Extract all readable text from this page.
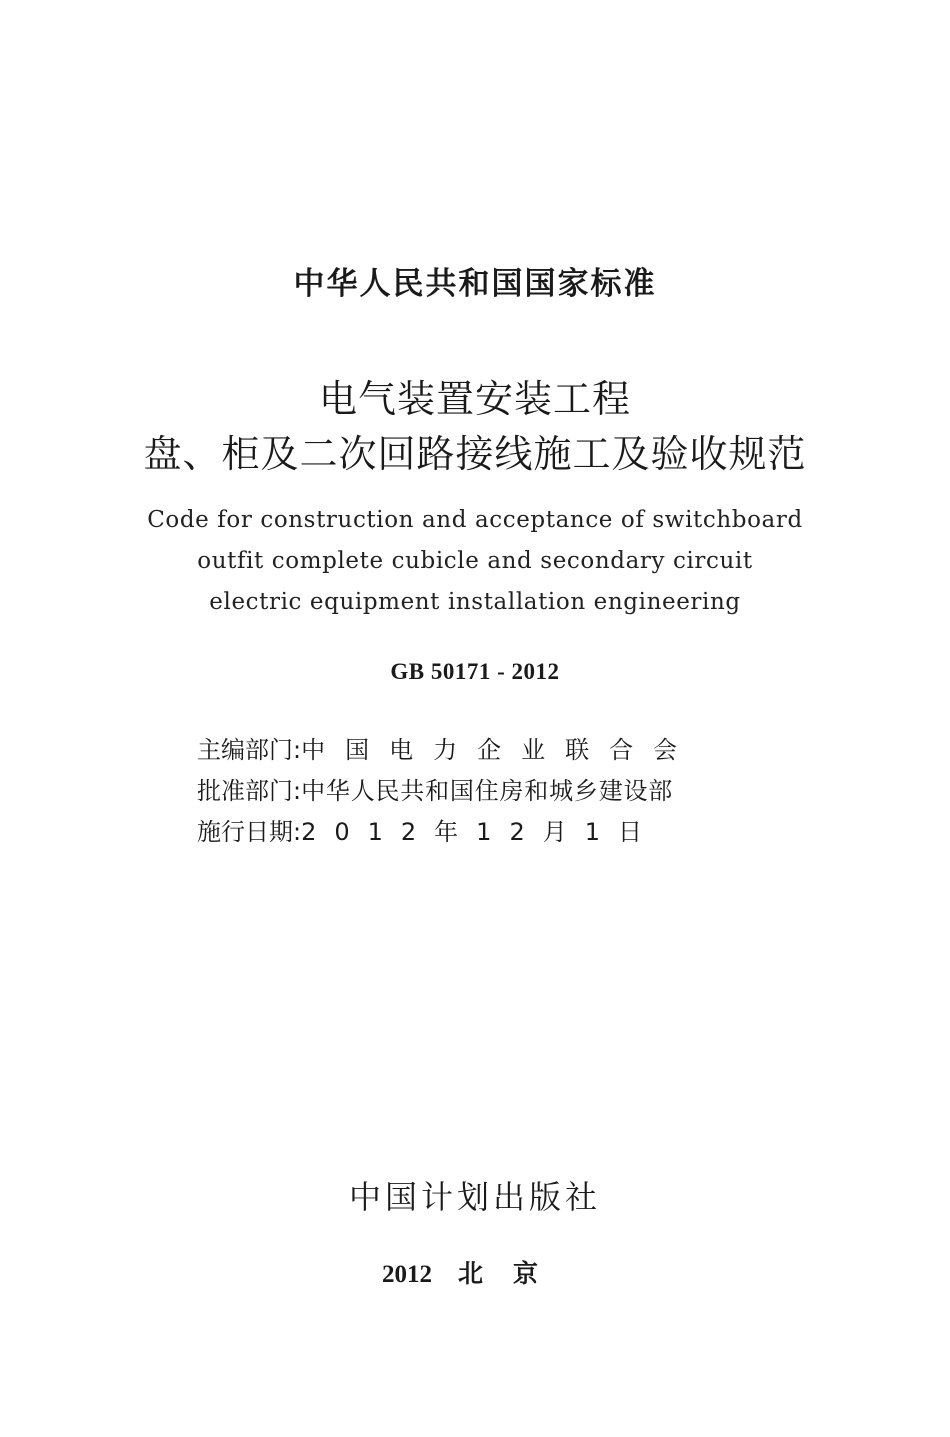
中华人民共和国国家标准
电气装置安装工程
盘、柜及二次回路接线施工及验收规范
Code for construction and acceptance of switchboard
outfit complete cubicle and secondary circuit
electric equipment installation engineering
GB 50171 - 2012
主编部门:中国电力企业联合会
批准部门:中华人民共和国住房和城乡建设部
施行日期:2012年12月1日
中国计划出版社
2012 北京
